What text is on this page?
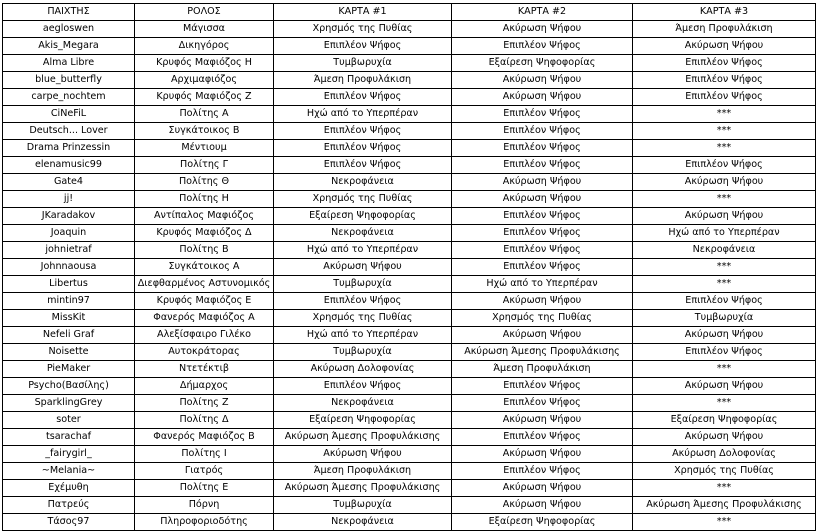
ΠΑΙΧΤΗΣ	ΡΟΛΟΣ	ΚΑΡΤΑ #1	ΚΑΡΤΑ #2	ΚΑΡΤΑ #3
aegloswen	Μάγισσα	Χρησμός της Πυθίας	Ακύρωση Ψήφου	Άμεση Προφυλάκιση
Akis_Megara	Δικηγόρος	Επιπλέον Ψήφος	Επιπλέον Ψήφος	Ακύρωση Ψήφου
Alma Libre	Κρυφός Μαφιόζος Η	Τυμβωρυχία	Εξαίρεση Ψηφοφορίας	Επιπλέον Ψήφος
blue_butterfly	Αρχιμαφιόζος	Άμεση Προφυλάκιση	Ακύρωση Ψήφου	Επιπλέον Ψήφος
carpe_nochtem	Κρυφός Μαφιόζος Ζ	Επιπλέον Ψήφος	Ακύρωση Ψήφου	Επιπλέον Ψήφος
CiNeFiL	Πολίτης Α	Ηχώ από το Υπερπέραν	Επιπλέον Ψήφος	***
Deutsch... Lover	Συγκάτοικος Β	Επιπλέον Ψήφος	Επιπλέον Ψήφος	***
Drama Prinzessin	Μέντιουμ	Επιπλέον Ψήφος	Επιπλέον Ψήφος	***
elenamusic99	Πολίτης Γ	Επιπλέον Ψήφος	Επιπλέον Ψήφος	Επιπλέον Ψήφος
Gate4	Πολίτης Θ	Νεκροφάνεια	Ακύρωση Ψήφου	Ακύρωση Ψήφου
jj!	Πολίτης Η	Χρησμός της Πυθίας	Ακύρωση Ψήφου	***
JKaradakov	Αντίπαλος Μαφιόζος	Εξαίρεση Ψηφοφορίας	Επιπλέον Ψήφος	Ακύρωση Ψήφου
Joaquin	Κρυφός Μαφιόζος Δ	Νεκροφάνεια	Επιπλέον Ψήφος	Ηχώ από το Υπερπέραν
johnietraf	Πολίτης Β	Ηχώ από το Υπερπέραν	Επιπλέον Ψήφος	Νεκροφάνεια
Johnnaousa	Συγκάτοικος Α	Ακύρωση Ψήφου	Επιπλέον Ψήφος	***
Libertus	Διεφθαρμένος Αστυνομικός	Τυμβωρυχία	Ηχώ από το Υπερπέραν	***
mintin97	Κρυφός Μαφιόζος Ε	Επιπλέον Ψήφος	Ακύρωση Ψήφου	Επιπλέον Ψήφος
MissKit	Φανερός Μαφιόζος Α	Χρησμός της Πυθίας	Χρησμός της Πυθίας	Τυμβωρυχία
Nefeli Graf	Αλεξίσφαιρο Γιλέκο	Ηχώ από το Υπερπέραν	Ακύρωση Ψήφου	Ακύρωση Ψήφου
Noisette	Αυτοκράτορας	Τυμβωρυχία	Ακύρωση Άμεσης Προφυλάκισης	Επιπλέον Ψήφος
PieMaker	Ντετέκτιβ	Ακύρωση Δολοφονίας	Άμεση Προφυλάκιση	***
Psycho(Βασίλης)	Δήμαρχος	Επιπλέον Ψήφος	Επιπλέον Ψήφος	Ακύρωση Ψήφου
SparklingGrey	Πολίτης Ζ	Νεκροφάνεια	Επιπλέον Ψήφος	***
soter	Πολίτης Δ	Εξαίρεση Ψηφοφορίας	Ακύρωση Ψήφου	Εξαίρεση Ψηφοφορίας
tsarachaf	Φανερός Μαφιόζος Β	Ακύρωση Άμεσης Προφυλάκισης	Επιπλέον Ψήφος	Ακύρωση Ψήφου
_fairygirl_	Πολίτης Ι	Ακύρωση Ψήφου	Ακύρωση Ψήφου	Ακύρωση Δολοφονίας
~Melania~	Γιατρός	Άμεση Προφυλάκιση	Επιπλέον Ψήφος	Χρησμός της Πυθίας
Εχέμυθη	Πολίτης Ε	Ακύρωση Άμεσης Προφυλάκισης	Ακύρωση Ψήφου	***
Πατρεύς	Πόρνη	Τυμβωρυχία	Ακύρωση Ψήφου	Ακύρωση Άμεσης Προφυλάκισης
Τάσος97	Πληροφοριοδότης	Νεκροφάνεια	Εξαίρεση Ψηφοφορίας	***
